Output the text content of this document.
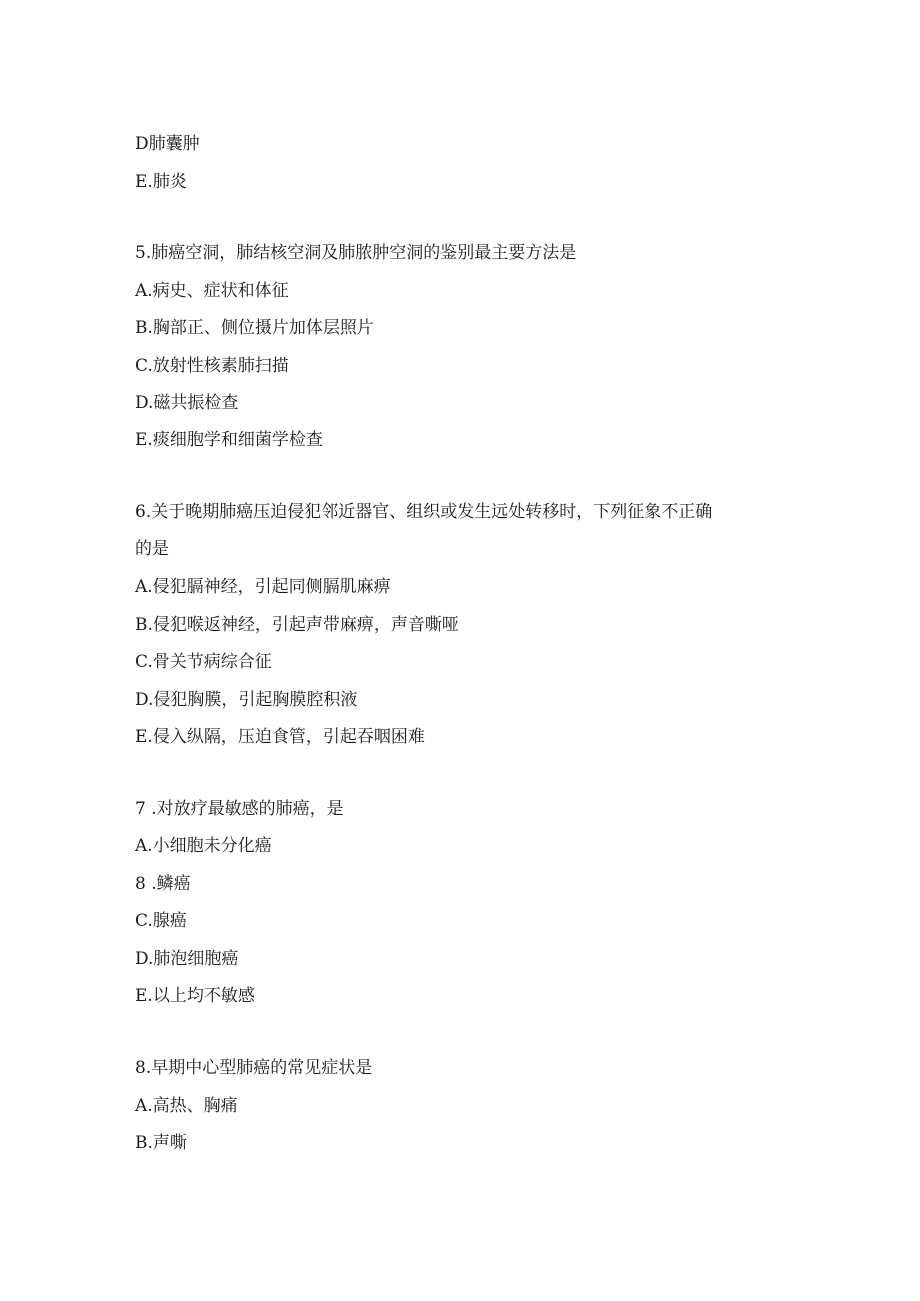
D肺囊肿
E.肺炎
5.肺癌空洞，肺结核空洞及肺脓肿空洞的鉴别最主要方法是
A.病史、症状和体征
B.胸部正、侧位摄片加体层照片
C.放射性核素肺扫描
D.磁共振检查
E.痰细胞学和细菌学检查
6.关于晚期肺癌压迫侵犯邻近器官、组织或发生远处转移时，下列征象不正确
的是
A.侵犯膈神经，引起同侧膈肌麻痹
B.侵犯喉返神经，引起声带麻痹，声音嘶哑
C.骨关节病综合征
D.侵犯胸膜，引起胸膜腔积液
E.侵入纵隔，压迫食管，引起吞咽困难
7 .对放疗最敏感的肺癌，是
A.小细胞未分化癌
8 .鳞癌
C.腺癌
D.肺泡细胞癌
E.以上均不敏感
8.早期中心型肺癌的常见症状是
A.高热、胸痛
B.声嘶
